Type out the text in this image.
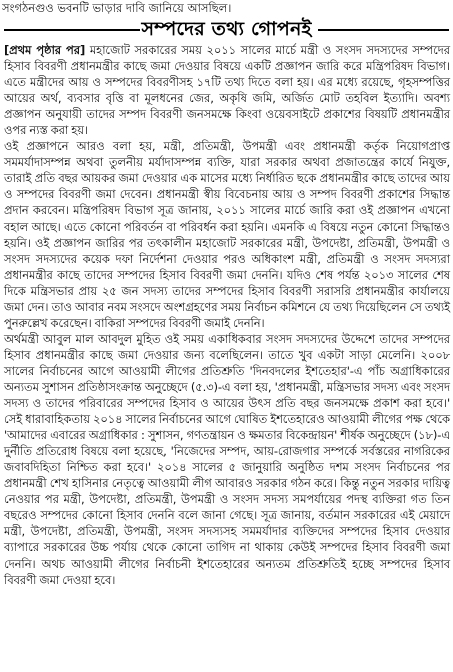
সংগঠনগুও ভবনটি ভাড়ার দাবি জানিয়ে আসছিল।
সম্পদের তথ্য গোপনই

[প্রথম পৃষ্ঠার পর] মহাজোট সরকারের সময় ২০১১ সালের মার্চে মন্ত্রী ও সংসদ সদস্যদের সম্পদের হিসাব বিবরণী প্রধানমন্ত্রীর কাছে জমা দেওয়ার বিষয়ে একটি প্রজ্ঞাপন জারি করে মন্ত্রিপরিষদ বিভাগ। এতে মন্ত্রীদের আয় ও সম্পদের বিবরণীসহ ১৭টি তথ্য দিতে বলা হয়। এর মধ্যে রয়েছে, গৃহসম্পত্তির আয়ের অর্থ, ব্যবসার বৃত্তি বা মূলধনের জের, অকৃষি জমি, অর্জিত মোট তহবিল ইত্যাদি। অবশ্য প্রজ্ঞাপন অনুযায়ী তাদের সম্পদ বিবরণী জনসমক্ষে কিংবা ওয়েবসাইটে প্রকাশের বিষয়টি প্রধানমন্ত্রীর ওপর ন্যস্ত করা হয়।

ওই প্রজ্ঞাপনে আরও বলা হয়, মন্ত্রী, প্রতিমন্ত্রী, উপমন্ত্রী এবং প্রধানমন্ত্রী কর্তৃক নিয়োগপ্রাপ্ত সমমর্যাদাসম্পন্ন অথবা তুলনীয় মর্যাদাসম্পন্ন ব্যক্তি, যারা সরকার অথবা প্রজাতন্ত্রের কার্যে নিযুক্ত, তারাই প্রতি বছর আয়কর জমা দেওয়ার এক মাসের মধ্যে নির্ধারিত ছকে প্রধানমন্ত্রীর কাছে তাদের আয় ও সম্পদের বিবরণী জমা দেবেন। প্রধানমন্ত্রী স্বীয় বিবেচনায় আয় ও সম্পদ বিবরণী প্রকাশের সিদ্ধান্ত প্রদান করবেন। মন্ত্রিপরিষদ বিভাগ সূত্র জানায়, ২০১১ সালের মার্চে জারি করা ওই প্রজ্ঞাপন এখনো বহাল আছে। এতে কোনো পরিবর্তন বা পরিবর্ধন করা হয়নি। এমনকি এ বিষয়ে নতুন কোনো সিদ্ধান্তও হয়নি। ওই প্রজ্ঞাপন জারির পর তৎকালীন মহাজোট সরকারের মন্ত্রী, উপদেষ্টা, প্রতিমন্ত্রী, উপমন্ত্রী ও সংসদ সদস্যদের কয়েক দফা নির্দেশনা দেওয়ার পরও অধিকাংশ মন্ত্রী, প্রতিমন্ত্রী ও সংসদ সদস্যরা প্রধানমন্ত্রীর কাছে তাদের সম্পদের হিসাব বিবরণী জমা দেননি। যদিও শেষ পর্যন্ত ২০১৩ সালের শেষ দিকে মন্ত্রিসভার প্রায় ২৫ জন সদস্য তাদের সম্পদের হিসাব বিবরণী সরাসরি প্রধানমন্ত্রীর কার্যালয়ে জমা দেন। তাও আবার নবম সংসদে অংশগ্রহণের সময় নির্বাচন কমিশনে যে তথ্য দিয়েছিলেন সে তথ্যই পুনরুল্লেখ করেছেন। বাকিরা সম্পদের বিবরণী জমাই দেননি।

অর্থমন্ত্রী আবুল মাল আবদুল মুহিত ওই সময় একাধিকবার সংসদ সদস্যদের উদ্দেশে তাদের সম্পদের হিসাব প্রধানমন্ত্রীর কাছে জমা দেওয়ার জন্য বলেছিলেন। তাতে খুব একটা সাড়া মেলেনি। ২০০৮ সালের নির্বাচনের আগে আওয়ামী লীগের প্রতিশ্রুতি 'দিনবদলের ইশতেহার'-এ পাঁচ অগ্রাধিকারের অন্যতম সুশাসন প্রতিষ্ঠাসংক্রান্ত অনুচ্ছেদে (৫.৩)-এ বলা হয়, 'প্রধানমন্ত্রী, মন্ত্রিসভার সদস্য এবং সংসদ সদস্য ও তাদের পরিবারের সম্পদের হিসাব ও আয়ের উৎস প্রতি বছর জনসমক্ষে প্রকাশ করা হবে।' সেই ধারাবাহিকতায় ২০১৪ সালের নির্বাচনের আগে ঘোষিত ইশতেহারেও আওয়ামী লীগের পক্ষ থেকে 'আমাদের এবারের অগ্রাধিকার : সুশাসন, গণতন্ত্রায়ন ও ক্ষমতার বিকেন্দ্রায়ন' শীর্ষক অনুচ্ছেদে (১৮)-এ দুর্নীতি প্রতিরোধ বিষয়ে বলা হয়েছে, 'নিজেদের সম্পদ, আয়-রোজগার সম্পর্কে সর্বস্তরের নাগরিকের জবাবদিহিতা নিশ্চিত করা হবে।' ২০১৪ সালের ৫ জানুয়ারি অনুষ্ঠিত দশম সংসদ নির্বাচনের পর প্রধানমন্ত্রী শেখ হাসিনার নেতৃত্বে আওয়ামী লীগ আবারও সরকার গঠন করে। কিন্তু নতুন সরকার দায়িত্ব নেওয়ার পর মন্ত্রী, উপদেষ্টা, প্রতিমন্ত্রী, উপমন্ত্রী ও সংসদ সদস্য সমপর্যায়ের পদস্থ ব্যক্তিরা গত তিন বছরেও সম্পদের কোনো হিসাব দেননি বলে জানা গেছে। সূত্র জানায়, বর্তমান সরকারের এই মেয়াদে মন্ত্রী, উপদেষ্টা, প্রতিমন্ত্রী, উপমন্ত্রী, সংসদ সদস্যসহ সমমর্যাদার ব্যক্তিদের সম্পদের হিসাব দেওয়ার ব্যাপারে সরকারের উচ্চ পর্যায় থেকে কোনো তাগিদ না থাকায় কেউই সম্পদের হিসাব বিবরণী জমা দেননি। অথচ আওয়ামী লীগের নির্বাচনী ইশতেহারের অন্যতম প্রতিশ্রুতিই হচ্ছে সম্পদের হিসাব বিবরণী জমা দেওয়া হবে।
